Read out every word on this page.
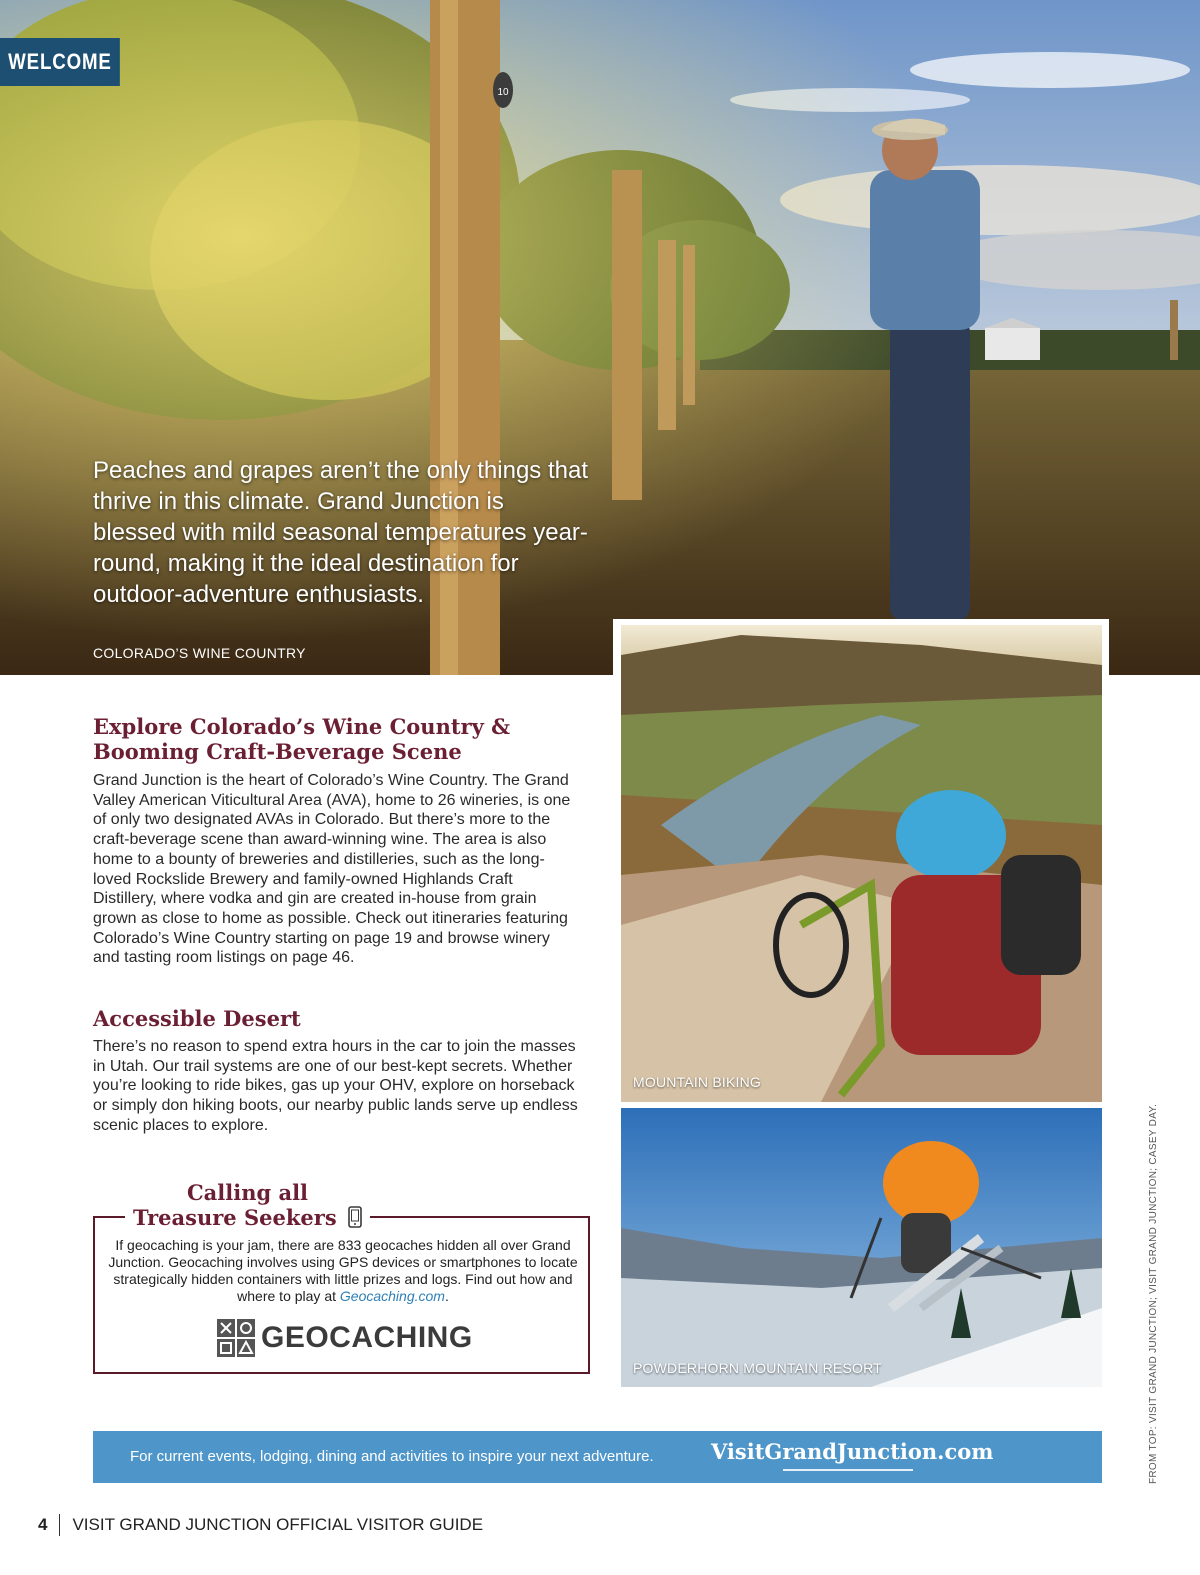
10
WELCOME
Peaches and grapes aren’t the only things that thrive in this climate. Grand Junction is blessed with mild seasonal temperatures year-round, making it the ideal destination for outdoor-adventure enthusiasts.
COLORADO’S WINE COUNTRY
MOUNTAIN BIKING
POWDERHORN MOUNTAIN RESORT
Explore Colorado’s Wine Country &
Booming Craft-Beverage Scene
Grand Junction is the heart of Colorado’s Wine Country. The Grand Valley American Viticultural Area (AVA), home to 26 wineries, is one of only two designated AVAs in Colorado. But there’s more to the craft-beverage scene than award-winning wine. The area is also home to a bounty of breweries and distilleries, such as the long-loved Rockslide Brewery and family-owned Highlands Craft Distillery, where vodka and gin are created in-house from grain grown as close to home as possible. Check out itineraries featuring Colorado’s Wine Country starting on page 19 and browse winery and tasting room listings on page 46.
Accessible Desert
There’s no reason to spend extra hours in the car to join the masses in Utah. Our trail systems are one of our best-kept secrets. Whether you’re looking to ride bikes, gas up your OHV, explore on horseback or simply don hiking boots, our nearby public lands serve up endless scenic places to explore.
Calling all
Treasure Seekers
If geocaching is your jam, there are 833 geocaches hidden all over Grand Junction. Geocaching involves using GPS devices or smartphones to locate strategically hidden containers with little prizes and logs. Find out how and where to play at Geocaching.com.
GEOCACHING
For current events, lodging, dining and activities to inspire your next adventure.	VisitGrandJunction.com	FROM TOP: VISIT GRAND JUNCTION; VISIT GRAND JUNCTION; CASEY DAY.
4 VISIT GRAND JUNCTION OFFICIAL VISITOR GUIDE
